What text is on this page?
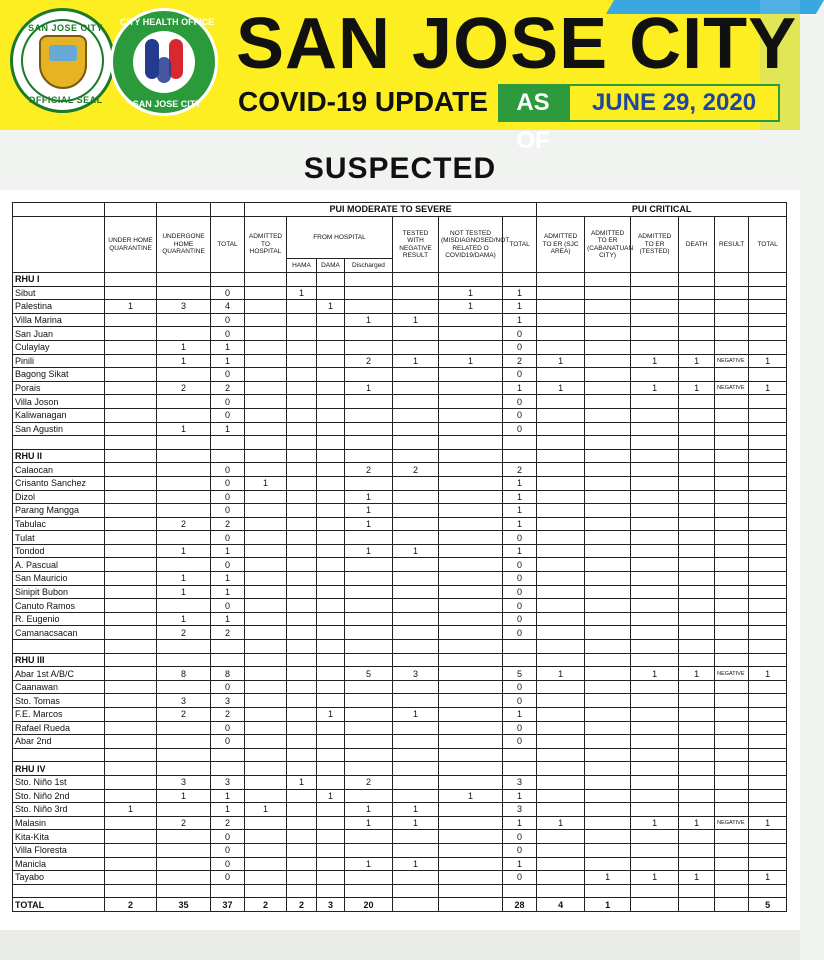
SAN JOSE CITY
OFFICIAL SEAL
CITY HEALTH OFFICE
SAN JOSE CITY
SAN JOSE CITY
COVID-19 UPDATE	AS OF
JUNE 29, 2020
SUSPECTED
				PUI MODERATE TO SEVERE							PUI CRITICAL					
	UNDER HOME QUARANTINE	UNDERGONE HOME QUARANTINE	TOTAL	ADMITTED TO HOSPITAL	FROM HOSPITAL			TESTED WITH NEGATIVE RESULT	NOT TESTED (MISDIAGNOSED/NOT RELATED O COVID19/DAMA)	TOTAL	ADMITTED TO ER (SJC AREA)	ADMITTED TO ER (CABANATUAN CITY)	ADMITTED TO ER (TESTED)	DEATH	RESULT	TOTAL
					HAMA	DAMA	Discharged									
RHU I																
Sibut			0		1				1	1						
Palestina	1	3	4			1			1	1						
Villa Marina			0				1	1		1						
San Juan			0							0						
Culaylay		1	1							0						
Pinili		1	1				2	1	1	2	1		1	1	NEGATIVE	1
Bagong Sikat			0							0						
Porais		2	2				1			1	1		1	1	NEGATIVE	1
Villa Joson			0							0						
Kaliwanagan			0							0						
San Agustin		1	1							0						

RHU II																
Calaocan			0				2	2		2						
Crisanto Sanchez			0	1						1						
Dizol			0				1			1						
Parang Mangga			0				1			1						
Tabulac		2	2				1			1						
Tulat			0							0						
Tondod		1	1				1	1		1						
A. Pascual			0							0						
San Mauricio		1	1							0						
Sinipit Bubon		1	1							0						
Canuto Ramos			0							0						
R. Eugenio		1	1							0						
Camanacsacan		2	2							0						

RHU III																
Abar 1st A/B/C		8	8				5	3		5	1		1	1	NEGATIVE	1
Caanawan			0							0						
Sto. Tomas		3	3							0						
F.E. Marcos		2	2			1		1		1						
Rafael Rueda			0							0						
Abar 2nd			0							0						

RHU IV																
Sto. Niño 1st		3	3		1		2			3						
Sto. Niño 2nd		1	1			1			1	1						
Sto. Niño 3rd	1		1	1			1	1		3						
Malasin		2	2				1	1		1	1		1	1	NEGATIVE	1
Kita-Kita			0							0						
Villa Floresta			0							0						
Manicla			0				1	1		1						
Tayabo			0							0		1	1	1		1

TOTAL	2	35	37	2	2	3	20			28	4	1				5
